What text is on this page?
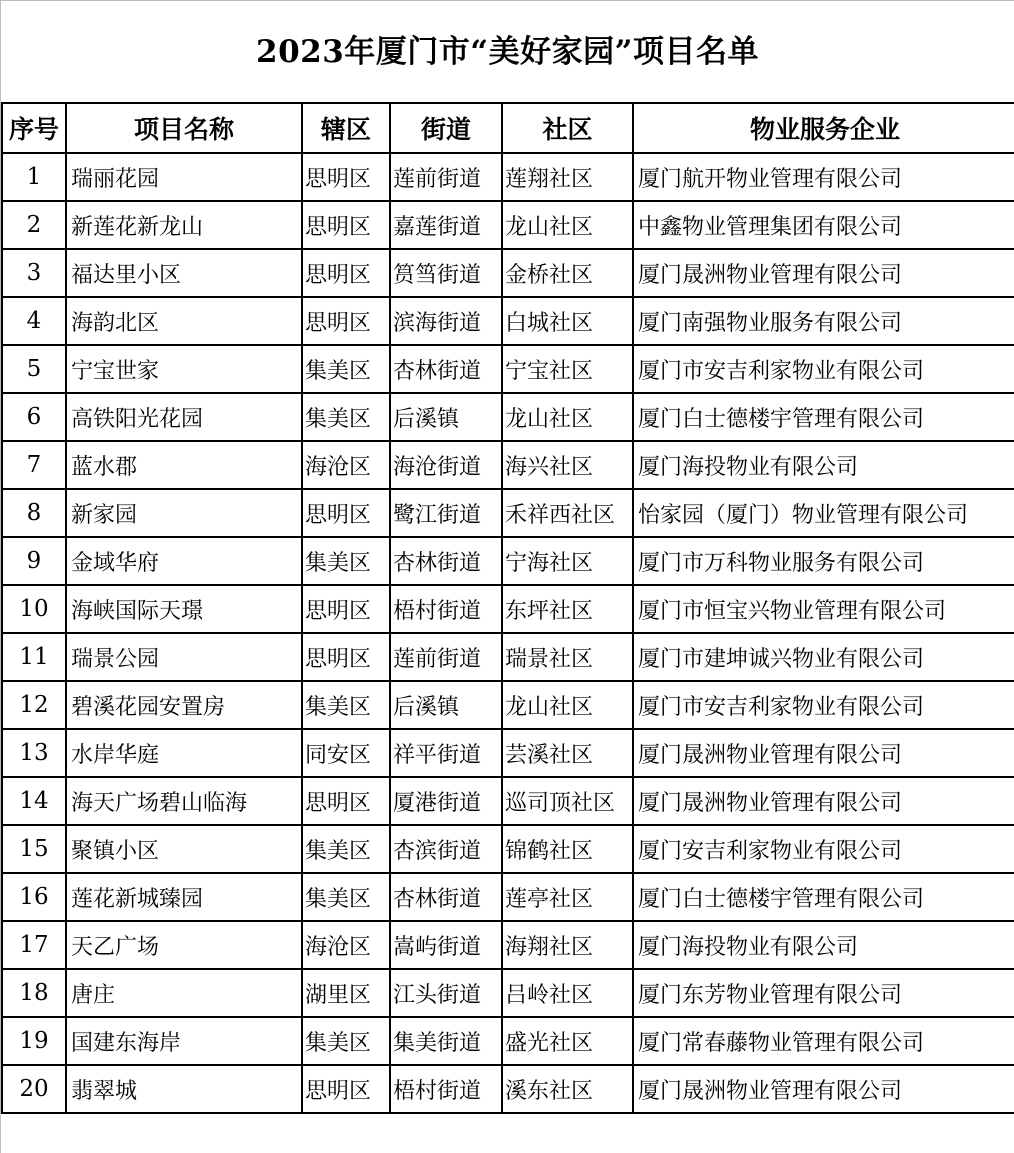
2023年厦门市“美好家园”项目名单
序号	项目名称	辖区	街道	社区	物业服务企业
1	瑞丽花园	思明区	莲前街道	莲翔社区	厦门航开物业管理有限公司
2	新莲花新龙山	思明区	嘉莲街道	龙山社区	中鑫物业管理集团有限公司
3	福达里小区	思明区	筼筜街道	金桥社区	厦门晟洲物业管理有限公司
4	海韵北区	思明区	滨海街道	白城社区	厦门南强物业服务有限公司
5	宁宝世家	集美区	杏林街道	宁宝社区	厦门市安吉利家物业有限公司
6	高铁阳光花园	集美区	后溪镇	龙山社区	厦门白士德楼宇管理有限公司
7	蓝水郡	海沧区	海沧街道	海兴社区	厦门海投物业有限公司
8	新家园	思明区	鹭江街道	禾祥西社区	怡家园（厦门）物业管理有限公司
9	金域华府	集美区	杏林街道	宁海社区	厦门市万科物业服务有限公司
10	海峡国际天璟	思明区	梧村街道	东坪社区	厦门市恒宝兴物业管理有限公司
11	瑞景公园	思明区	莲前街道	瑞景社区	厦门市建坤诚兴物业有限公司
12	碧溪花园安置房	集美区	后溪镇	龙山社区	厦门市安吉利家物业有限公司
13	水岸华庭	同安区	祥平街道	芸溪社区	厦门晟洲物业管理有限公司
14	海天广场碧山临海	思明区	厦港街道	巡司顶社区	厦门晟洲物业管理有限公司
15	聚镇小区	集美区	杏滨街道	锦鹤社区	厦门安吉利家物业有限公司
16	莲花新城臻园	集美区	杏林街道	莲亭社区	厦门白士德楼宇管理有限公司
17	天乙广场	海沧区	嵩屿街道	海翔社区	厦门海投物业有限公司
18	唐庄	湖里区	江头街道	吕岭社区	厦门东芳物业管理有限公司
19	国建东海岸	集美区	集美街道	盛光社区	厦门常春藤物业管理有限公司
20	翡翠城	思明区	梧村街道	溪东社区	厦门晟洲物业管理有限公司
